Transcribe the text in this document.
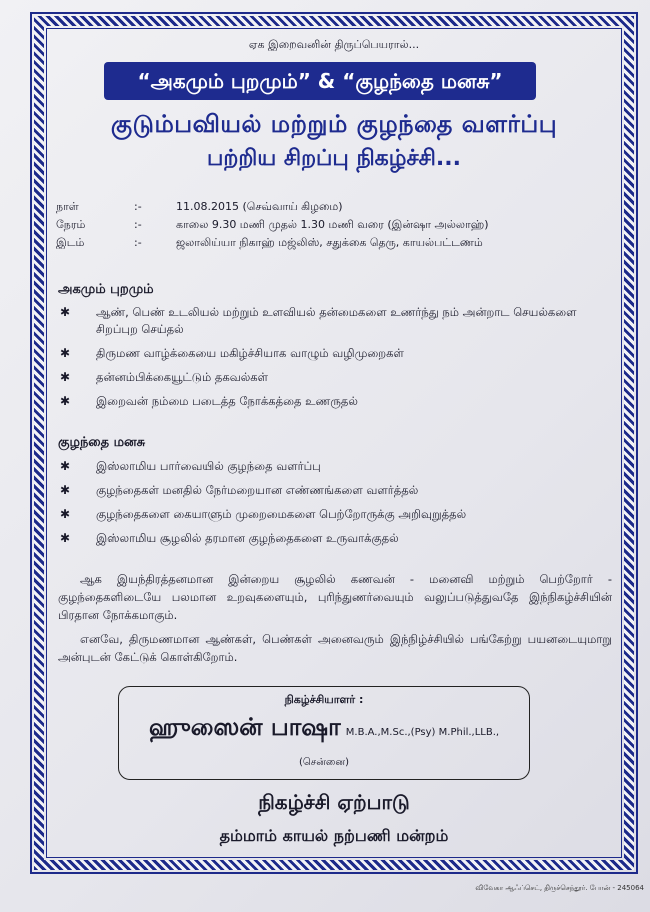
ஏக இறைவனின் திருப்பெயரால்...
“அகமும் புறமும்” & “குழந்தை மனசு”
குடும்பவியல் மற்றும் குழந்தை வளர்ப்பு
பற்றிய சிறப்பு நிகழ்ச்சி...
நாள்	:-	11.08.2015 (செவ்வாய் கிழமை)
நேரம்	:-	காலை 9.30 மணி முதல் 1.30 மணி வரை (இன்ஷா அல்லாஹ்)
இடம்	:-	ஜலாலிய்யா நிகாஹ் மஜ்லிஸ், சதுக்கை தெரு, காயல்பட்டணம்
அகமும் புறமும்
✱ ஆண், பெண் உடலியல் மற்றும் உளவியல் தன்மைகளை உணர்ந்து நம் அன்றாட செயல்களை சிறப்புற செய்தல்
✱ திருமண வாழ்க்கையை மகிழ்ச்சியாக வாழும் வழிமுறைகள்
✱ தன்னம்பிக்கையூட்டும் தகவல்கள்
✱ இறைவன் நம்மை படைத்த நோக்கத்தை உணருதல்
குழந்தை மனசு
✱ இஸ்லாமிய பார்வையில் குழந்தை வளர்ப்பு
✱ குழந்தைகள் மனதில் நேர்மறையான எண்ணங்களை வளர்த்தல்
✱ குழந்தைகளை கையாளும் முறைமைகளை பெற்றோருக்கு அறிவுறுத்தல்
✱ இஸ்லாமிய சூழலில் தரமான குழந்தைகளை உருவாக்குதல்
ஆக இயந்திரத்தனமான இன்றைய சூழலில் கணவன் - மனைவி மற்றும் பெற்றோர் - குழந்தைகளிடையே பலமான உறவுகளையும், புரிந்துணர்வையும் வலுப்படுத்துவதே இந்நிகழ்ச்சியின் பிரதான நோக்கமாகும்.
எனவே, திருமணமான ஆண்கள், பெண்கள் அனைவரும் இந்நிழ்ச்சியில் பங்கேற்று பயனடையுமாறு அன்புடன் கேட்டுக் கொள்கிறோம்.
நிகழ்ச்சியாளர் :
ஹுஸைன் பாஷா M.B.A.,M.Sc.,(Psy) M.Phil.,LLB.,
(சென்னை)
நிகழ்ச்சி ஏற்பாடு
தம்மாம் காயல் நற்பணி மன்றம்
விவேகா ஆஃப்செட், திருச்செந்தூர். போன் - 245064
